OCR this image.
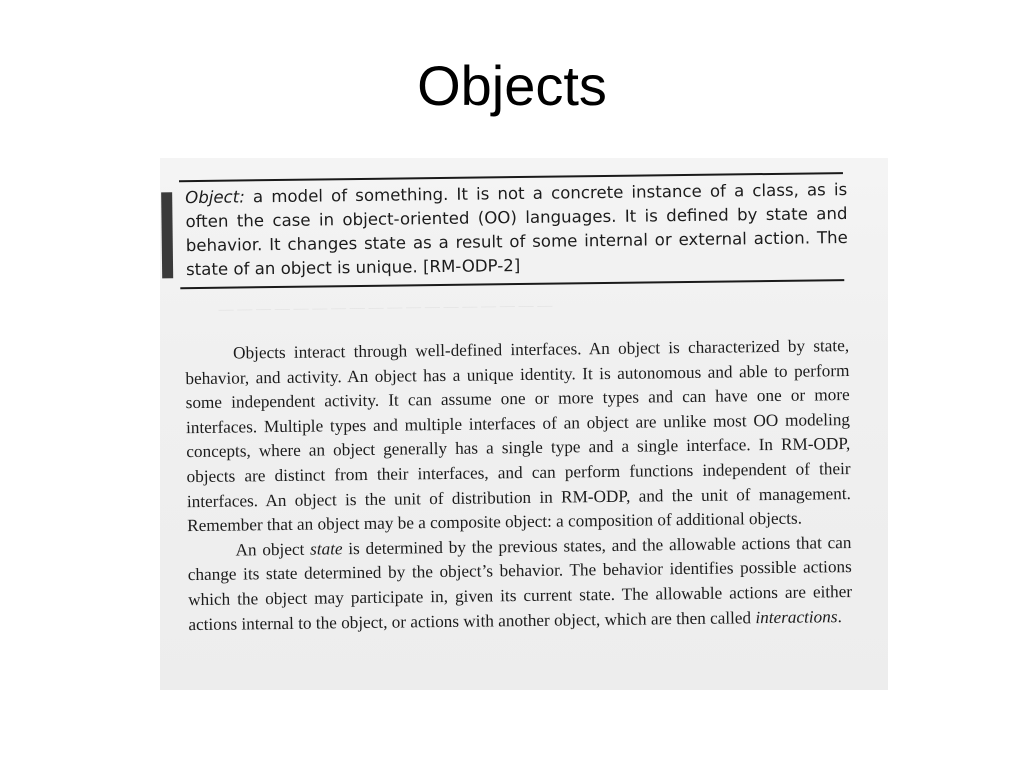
Objects
— — — — — — — — — — — — — — — — — —
Object: a model of something. It is not a concrete instance of a class, as is often the case in object-oriented (OO) languages. It is defined by state and behavior. It changes state as a result of some internal or external action. The state of an object is unique. [RM-ODP-2]

Objects interact through well-defined interfaces. An object is characterized by state, behavior, and activity. An object has a unique identity. It is autonomous and able to perform some independent activity. It can assume one or more types and can have one or more interfaces. Multiple types and multiple interfaces of an object are unlike most OO modeling concepts, where an object generally has a single type and a single interface. In RM-ODP, objects are distinct from their interfaces, and can perform functions independent of their interfaces. An object is the unit of distribution in RM-ODP, and the unit of management. Remember that an object may be a composite object: a composition of additional objects.

An object state is determined by the previous states, and the allowable actions that can change its state determined by the object’s behavior. The behavior identifies possible actions which the object may participate in, given its current state. The allowable actions are either actions internal to the object, or actions with another object, which are then called interactions.
